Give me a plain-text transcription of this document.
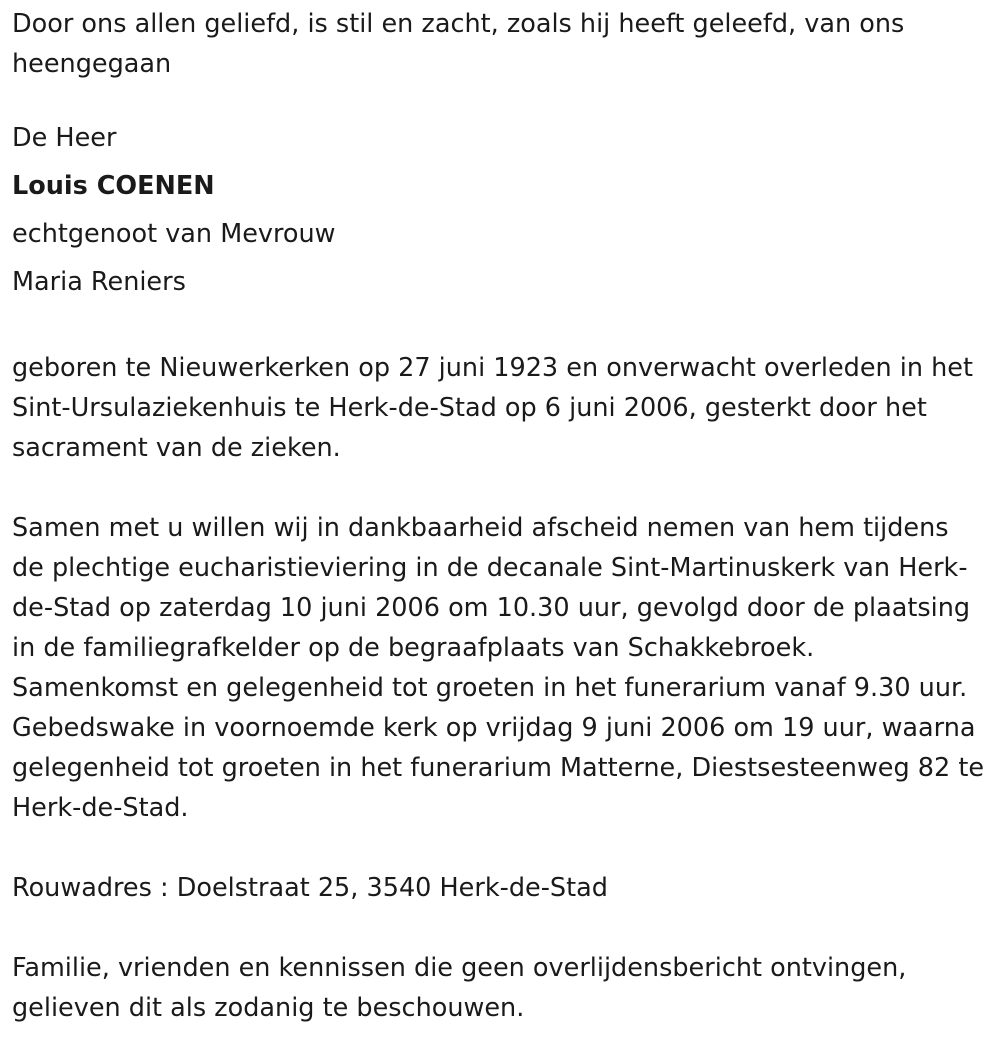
Door ons allen geliefd, is stil en zacht, zoals hij heeft geleefd, van ons heengegaan

De Heer

Louis COENEN

echtgenoot van Mevrouw

Maria Reniers

geboren te Nieuwerkerken op 27 juni 1923 en onverwacht overleden in het Sint-Ursulaziekenhuis te Herk-de-Stad op 6 juni 2006, gesterkt door het sacrament van de zieken.

Samen met u willen wij in dankbaarheid afscheid nemen van hem tijdens de plechtige eucharistieviering in de decanale Sint-Martinuskerk van Herk-de-Stad op zaterdag 10 juni 2006 om 10.30 uur, gevolgd door de plaatsing in de familiegrafkelder op de begraafplaats van Schakkebroek. Samenkomst en gelegenheid tot groeten in het funerarium vanaf 9.30 uur. Gebedswake in voornoemde kerk op vrijdag 9 juni 2006 om 19 uur, waarna gelegenheid tot groeten in het funerarium Matterne, Diestsesteenweg 82 te Herk-de-Stad.

Rouwadres : Doelstraat 25, 3540 Herk-de-Stad

Familie, vrienden en kennissen die geen overlijdensbericht ontvingen, gelieven dit als zodanig te beschouwen.
